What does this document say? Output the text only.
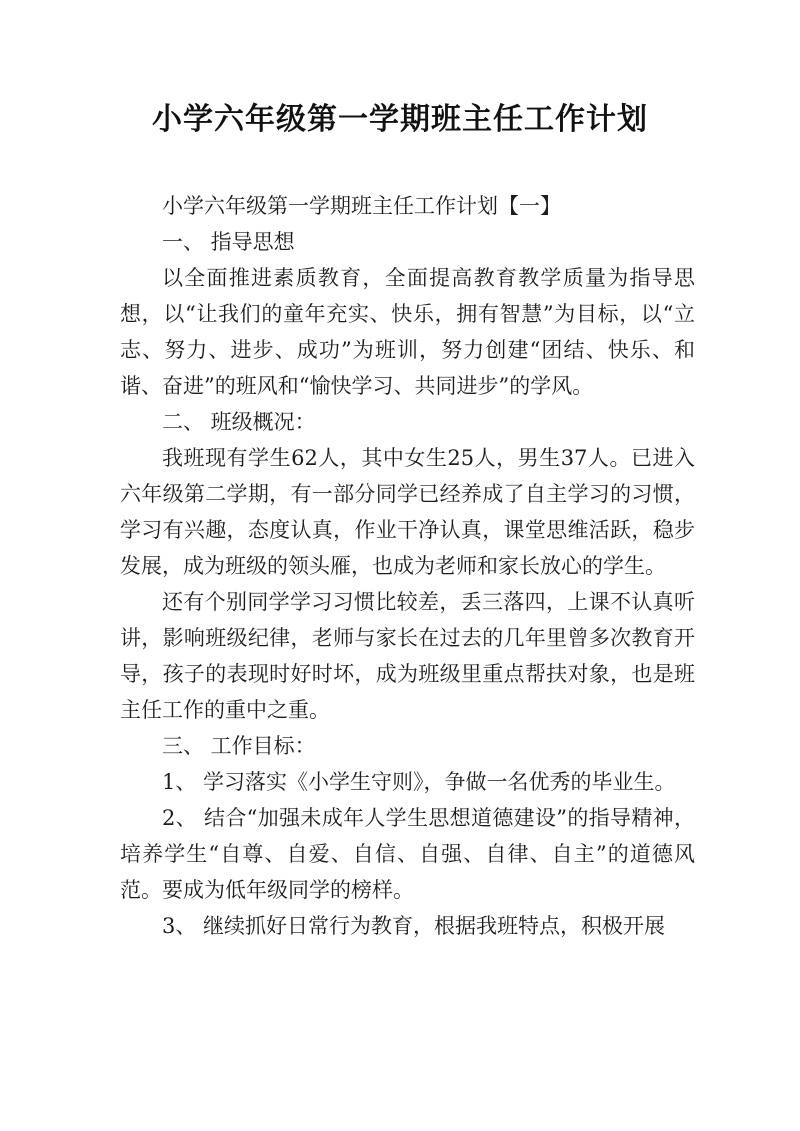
小学六年级第一学期班主任工作计划

小学六年级第一学期班主任工作计划【一】

一、 指导思想

以全面推进素质教育，全面提高教育教学质量为指导思想，以“让我们的童年充实、快乐，拥有智慧”为目标，以“立志、努力、进步、成功”为班训，努力创建“团结、快乐、和谐、奋进”的班风和“愉快学习、共同进步”的学风。

二、 班级概况：

我班现有学生62人，其中女生25人，男生37人。已进入六年级第二学期，有一部分同学已经养成了自主学习的习惯，学习有兴趣，态度认真，作业干净认真，课堂思维活跃，稳步发展，成为班级的领头雁，也成为老师和家长放心的学生。

还有个别同学学习习惯比较差，丢三落四，上课不认真听讲，影响班级纪律，老师与家长在过去的几年里曾多次教育开导，孩子的表现时好时坏，成为班级里重点帮扶对象，也是班主任工作的重中之重。

三、 工作目标：

1、 学习落实《小学生守则》，争做一名优秀的毕业生。

2、 结合“加强未成年人学生思想道德建设”的指导精神，培养学生“自尊、自爱、自信、自强、自律、自主”的道德风范。要成为低年级同学的榜样。

3、 继续抓好日常行为教育，根据我班特点，积极开展
